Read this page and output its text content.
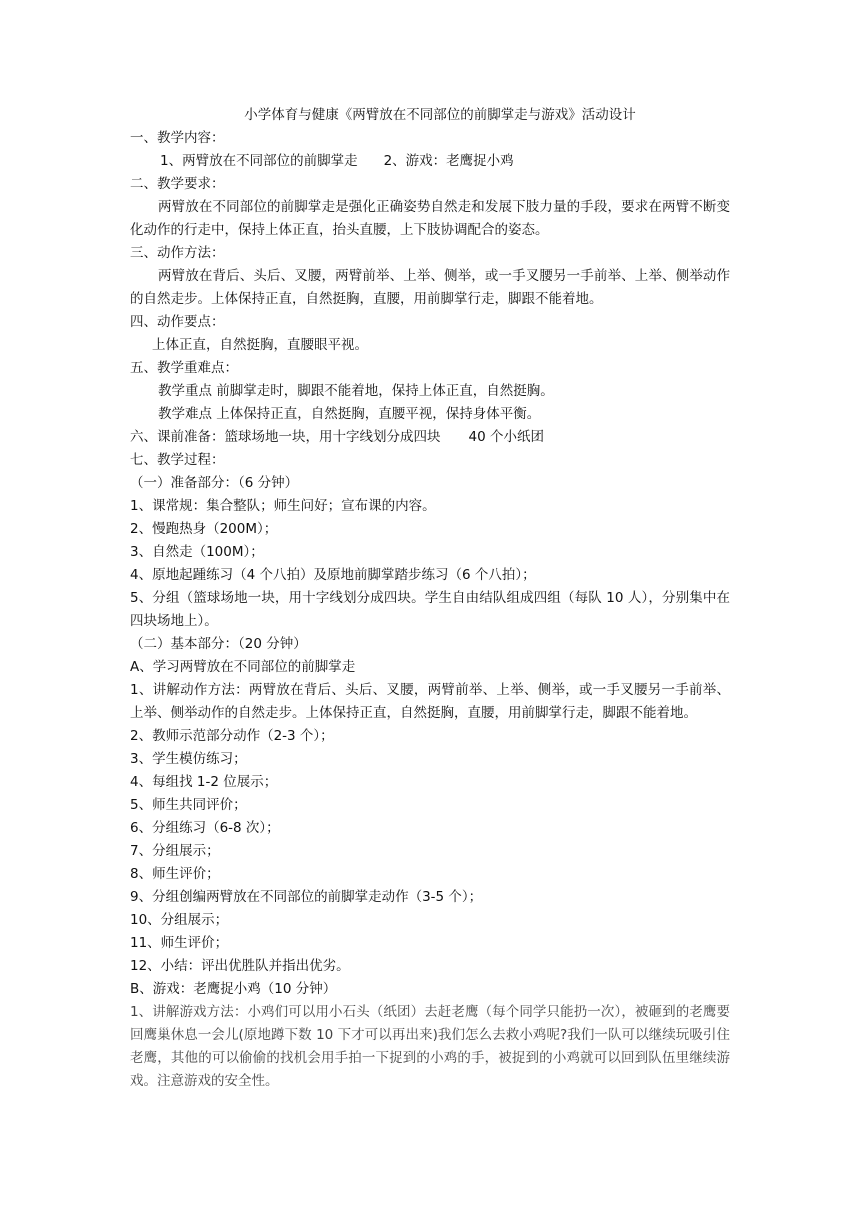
小学体育与健康《两臂放在不同部位的前脚掌走与游戏》活动设计
一、教学内容：
1、两臂放在不同部位的前脚掌走 2、游戏：老鹰捉小鸡
二、教学要求：
两臂放在不同部位的前脚掌走是强化正确姿势自然走和发展下肢力量的手段，要求在两臂不断变化动作的行走中，保持上体正直，抬头直腰，上下肢协调配合的姿态。
三、动作方法：
两臂放在背后、头后、叉腰，两臂前举、上举、侧举，或一手叉腰另一手前举、上举、侧举动作的自然走步。上体保持正直，自然挺胸，直腰，用前脚掌行走，脚跟不能着地。
四、动作要点：
上体正直，自然挺胸，直腰眼平视。
五、教学重难点：
教学重点 前脚掌走时，脚跟不能着地，保持上体正直，自然挺胸。
教学难点 上体保持正直，自然挺胸，直腰平视，保持身体平衡。
六、课前准备：篮球场地一块，用十字线划分成四块 40 个小纸团
七、教学过程：
（一）准备部分：（6 分钟）
1、课常规：集合整队；师生问好；宣布课的内容。
2、慢跑热身（200M）；
3、自然走（100M）；
4、原地起踵练习（4 个八拍）及原地前脚掌踏步练习（6 个八拍）；
5、分组（篮球场地一块，用十字线划分成四块。学生自由结队组成四组（每队 10 人），分别集中在四块场地上）。
（二）基本部分：（20 分钟）
A、学习两臂放在不同部位的前脚掌走
1、讲解动作方法：两臂放在背后、头后、叉腰，两臂前举、上举、侧举，或一手叉腰另一手前举、上举、侧举动作的自然走步。上体保持正直，自然挺胸，直腰，用前脚掌行走，脚跟不能着地。
2、教师示范部分动作（2-3 个）；
3、学生模仿练习；
4、每组找 1-2 位展示；
5、师生共同评价；
6、分组练习（6-8 次）；
7、分组展示；
8、师生评价；
9、分组创编两臂放在不同部位的前脚掌走动作（3-5 个）；
10、分组展示；
11、师生评价；
12、小结：评出优胜队并指出优劣。
B、游戏：老鹰捉小鸡（10 分钟）
1、讲解游戏方法：小鸡们可以用小石头（纸团）去赶老鹰（每个同学只能扔一次），被砸到的老鹰要回鹰巢休息一会儿(原地蹲下数 10 下才可以再出来)我们怎么去救小鸡呢?我们一队可以继续玩吸引住老鹰，其他的可以偷偷的找机会用手拍一下捉到的小鸡的手，被捉到的小鸡就可以回到队伍里继续游戏。注意游戏的安全性。
